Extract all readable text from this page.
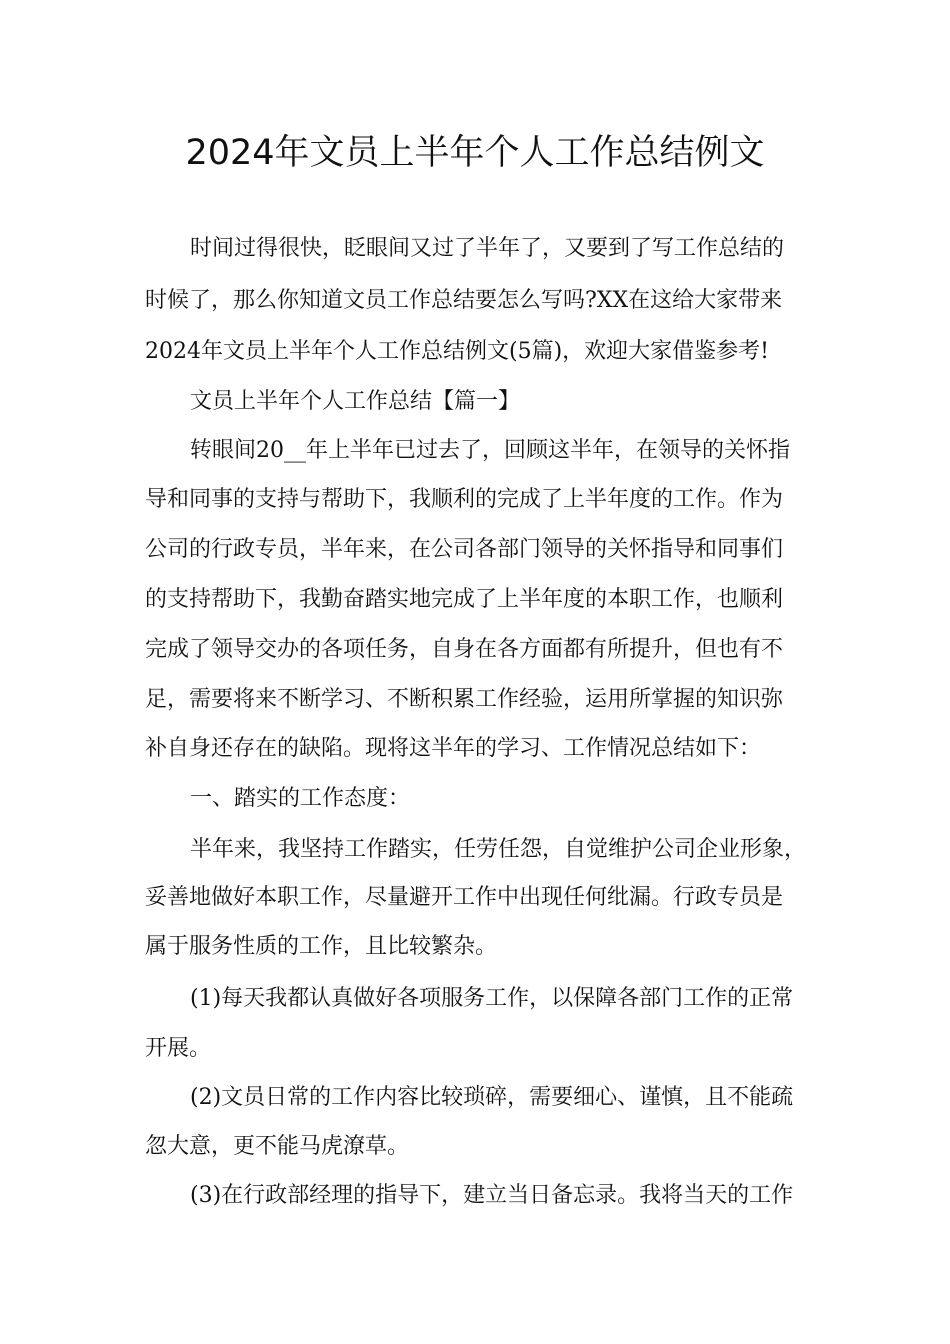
2024年文员上半年个人工作总结例文
时间过得很快，眨眼间又过了半年了，又要到了写工作总结的
时候了，那么你知道文员工作总结要怎么写吗?XX在这给大家带来
2024年文员上半年个人工作总结例文(5篇)，欢迎大家借鉴参考!
文员上半年个人工作总结【篇一】
转眼间20__年上半年已过去了，回顾这半年，在领导的关怀指
导和同事的支持与帮助下，我顺利的完成了上半年度的工作。作为
公司的行政专员，半年来，在公司各部门领导的关怀指导和同事们
的支持帮助下，我勤奋踏实地完成了上半年度的本职工作，也顺利
完成了领导交办的各项任务，自身在各方面都有所提升，但也有不
足，需要将来不断学习、不断积累工作经验，运用所掌握的知识弥
补自身还存在的缺陷。现将这半年的学习、工作情况总结如下：
一、踏实的工作态度：
半年来，我坚持工作踏实，任劳任怨，自觉维护公司企业形象，
妥善地做好本职工作，尽量避开工作中出现任何纰漏。行政专员是
属于服务性质的工作，且比较繁杂。
(1)每天我都认真做好各项服务工作，以保障各部门工作的正常
开展。
(2)文员日常的工作内容比较琐碎，需要细心、谨慎，且不能疏
忽大意，更不能马虎潦草。
(3)在行政部经理的指导下，建立当日备忘录。我将当天的工作
